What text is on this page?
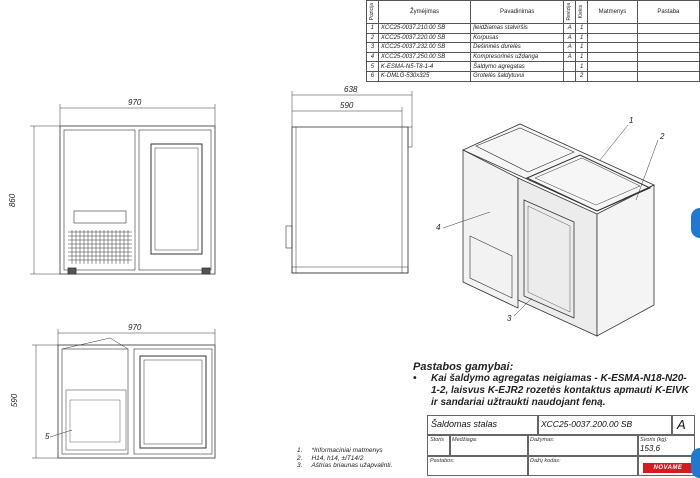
Pozicija	Žymėjimas	Pavadinimas	Revizija	Kiekis	Matmenys	Pastaba
1	XCC25-0037.210.00 SB	Įleidžiamas stalviršis	A	1		
2	XCC25-0037.220.00 SB	Korpusas	A	1		
3	XCC25-0037.232.00 SB	Dešininės durelės	A	1		
4	XCC25-0037.250.00 SB	Kompresorinės uždanga	A	1		
5	K-ESMA-N5-T8-1-4	Šaldymo agregatas		1		
6	K-DMLG-530x325	Grotelės šaldytuvui		2		
970
860
638
590
970
590
1
2
3
4
5
Pastabos gamybai:
•	Kai šaldymo agregatas neigiamas - K-ESMA-N18-N20-1-2, laisvus K-EJR2 rozetės kontaktus apmauti K-EIVK ir sandariai užtraukti naudojant feną.
1. *Informaciniai matmenys
2. H14, h14, ±IT14/2
3. Aštrias briaunas užapvalinti.
Šaldomas stalas	XCC25-0037.200.00 SB	A
Storis Medžiaga:	Dažymas:	Svoris (kg):
153,6
Pastabos:	Dažų kodas:
NOVAME
